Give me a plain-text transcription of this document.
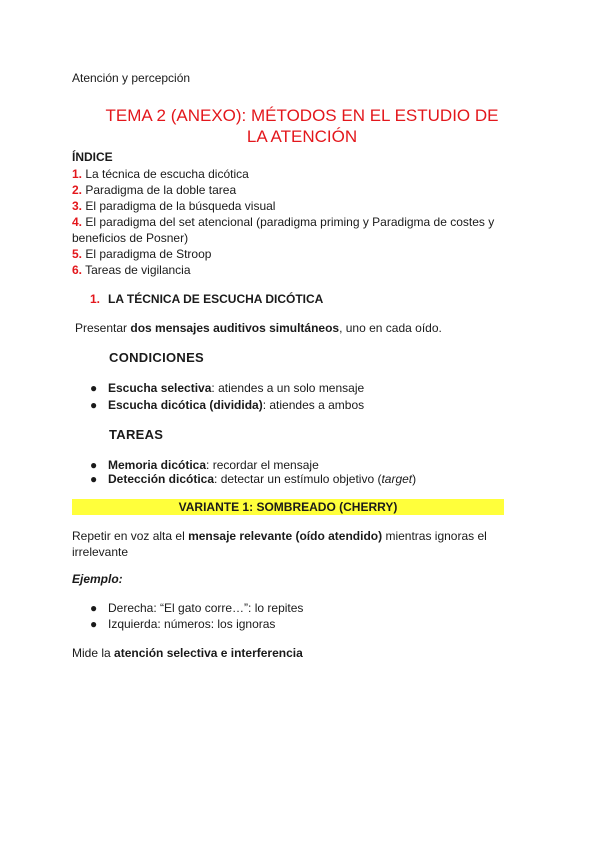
Atención y percepción

TEMA 2 (ANEXO): MÉTODOS EN EL ESTUDIO DE
LA ATENCIÓN

ÍNDICE

1. La técnica de escucha dicótica
2. Paradigma de la doble tarea
3. El paradigma de la búsqueda visual
4. El paradigma del set atencional (paradigma priming y Paradigma de costes y beneficios de Posner)
5. El paradigma de Stroop
6. Tareas de vigilancia

1. LA TÉCNICA DE ESCUCHA DICÓTICA

Presentar dos mensajes auditivos simultáneos, uno en cada oído.

CONDICIONES

● Escucha selectiva: atiendes a un solo mensaje

● Escucha dicótica (dividida): atiendes a ambos

TAREAS

● Memoria dicótica: recordar el mensaje

● Detección dicótica: detectar un estímulo objetivo (target)

VARIANTE 1: SOMBREADO (CHERRY)

Repetir en voz alta el mensaje relevante (oído atendido) mientras ignoras el irrelevante

Ejemplo:

● Derecha: “El gato corre…”: lo repites

● Izquierda: números: los ignoras

Mide la atención selectiva e interferencia
